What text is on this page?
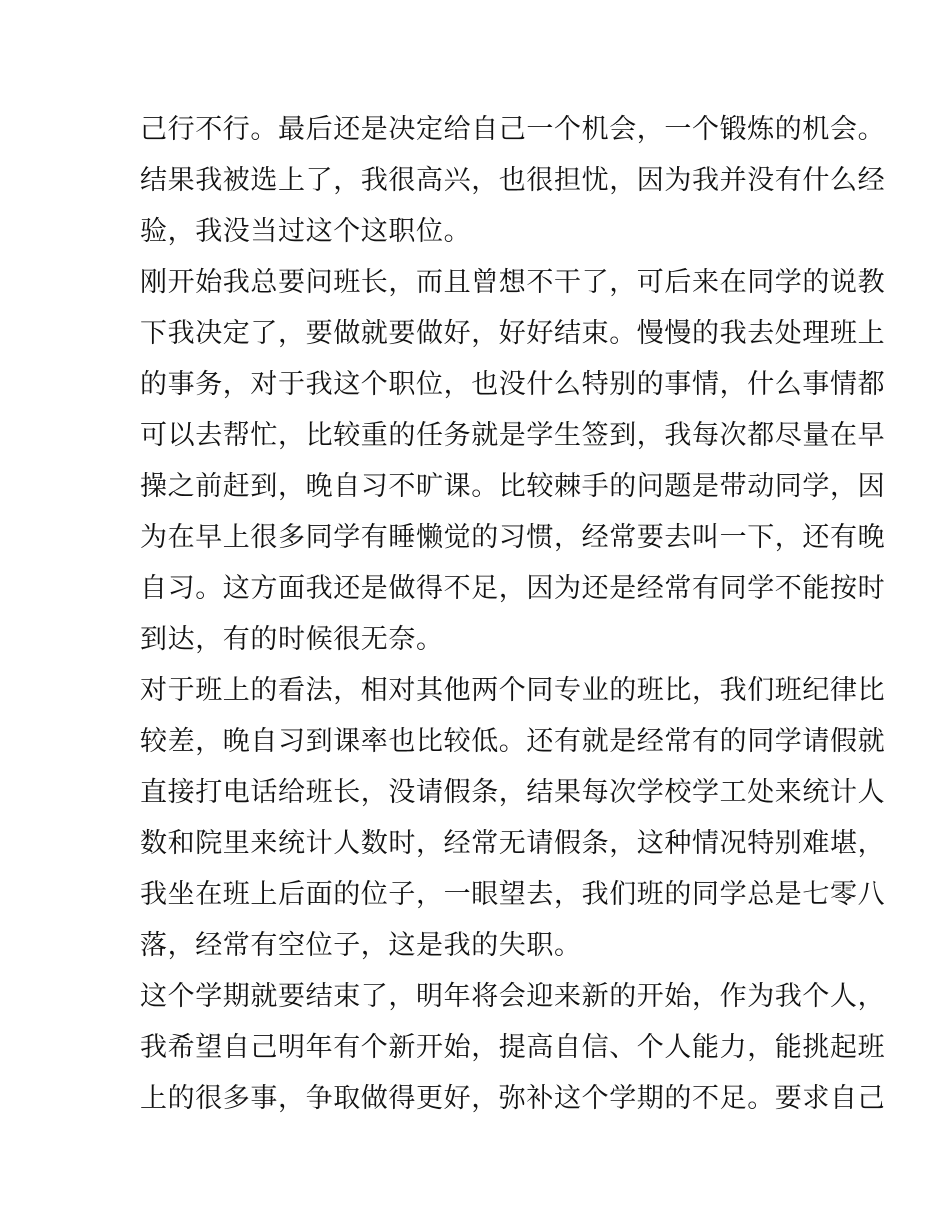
己行不行。最后还是决定给自己一个机会，一个锻炼的机会。
结果我被选上了，我很高兴，也很担忧，因为我并没有什么经
验，我没当过这个这职位。
刚开始我总要问班长，而且曾想不干了，可后来在同学的说教
下我决定了，要做就要做好，好好结束。慢慢的我去处理班上
的事务，对于我这个职位，也没什么特别的事情，什么事情都
可以去帮忙，比较重的任务就是学生签到，我每次都尽量在早
操之前赶到，晚自习不旷课。比较棘手的问题是带动同学，因
为在早上很多同学有睡懒觉的习惯，经常要去叫一下，还有晚
自习。这方面我还是做得不足，因为还是经常有同学不能按时
到达，有的时候很无奈。
对于班上的看法，相对其他两个同专业的班比，我们班纪律比
较差，晚自习到课率也比较低。还有就是经常有的同学请假就
直接打电话给班长，没请假条，结果每次学校学工处来统计人
数和院里来统计人数时，经常无请假条，这种情况特别难堪，
我坐在班上后面的位子，一眼望去，我们班的同学总是七零八
落，经常有空位子，这是我的失职。
这个学期就要结束了，明年将会迎来新的开始，作为我个人，
我希望自己明年有个新开始，提高自信、个人能力，能挑起班
上的很多事，争取做得更好，弥补这个学期的不足。要求自己
